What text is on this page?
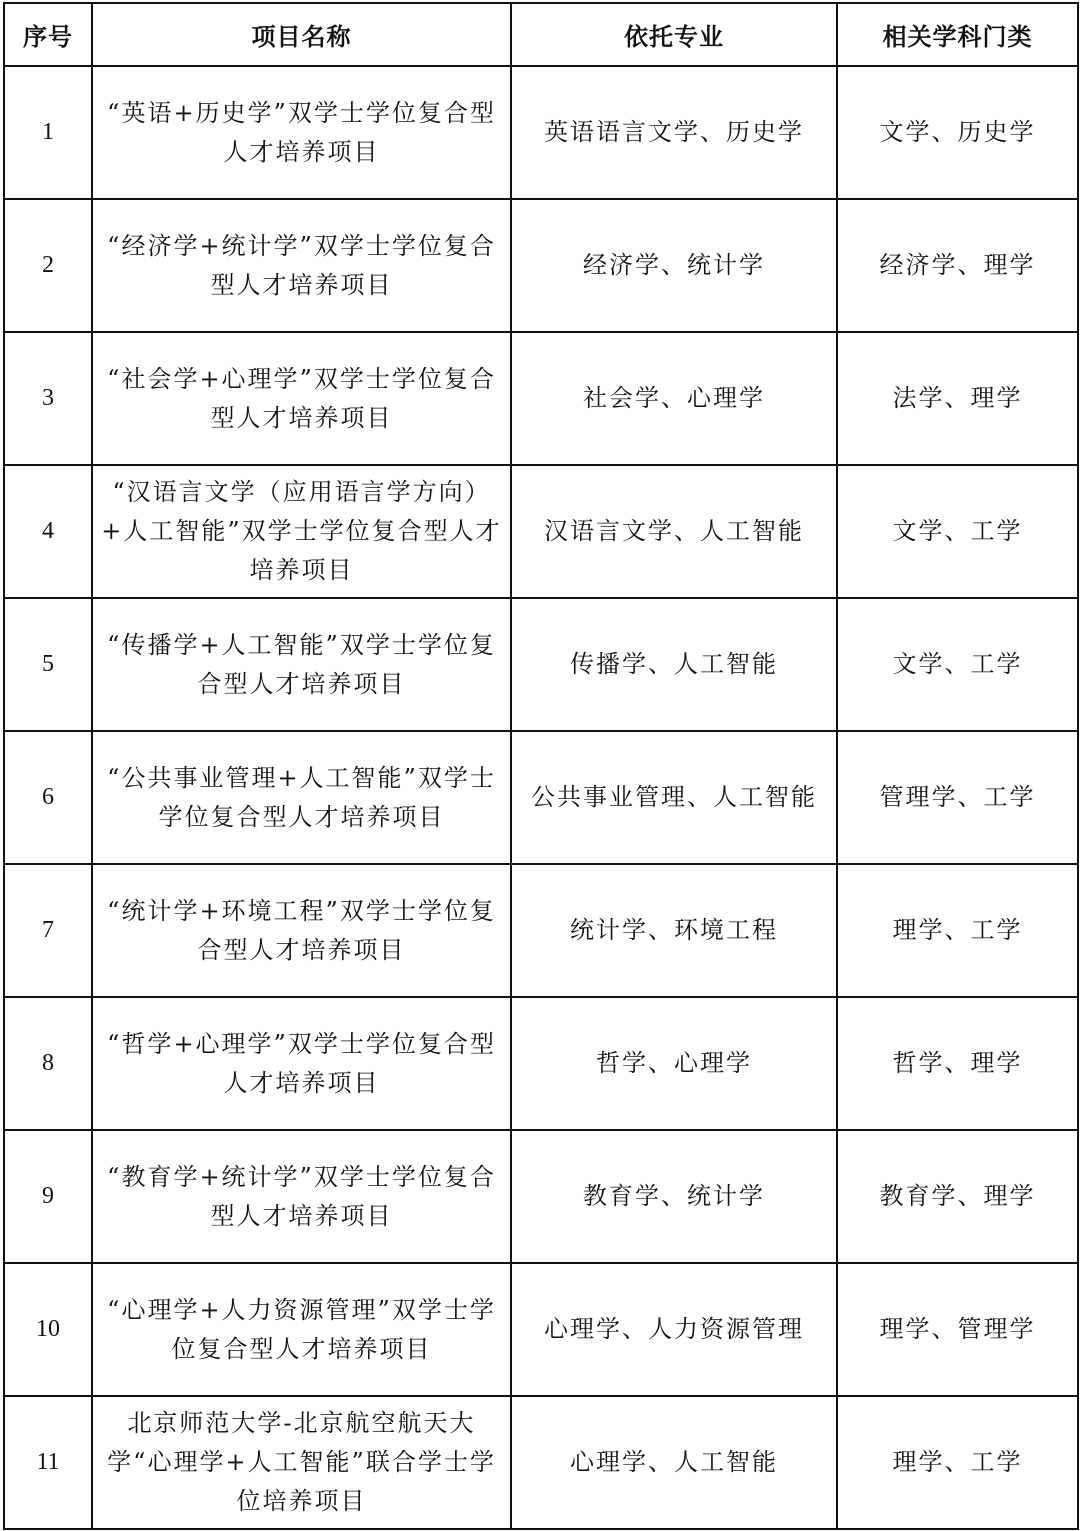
序号	项目名称	依托专业	相关学科门类
1	“英语+历史学”双学士学位复合型人才培养项目	英语语言文学、历史学	文学、历史学
2	“经济学+统计学”双学士学位复合型人才培养项目	经济学、统计学	经济学、理学
3	“社会学+心理学”双学士学位复合型人才培养项目	社会学、心理学	法学、理学
4	“汉语言文学（应用语言学方向）+人工智能”双学士学位复合型人才培养项目	汉语言文学、人工智能	文学、工学
5	“传播学+人工智能”双学士学位复合型人才培养项目	传播学、人工智能	文学、工学
6	“公共事业管理+人工智能”双学士学位复合型人才培养项目	公共事业管理、人工智能	管理学、工学
7	“统计学+环境工程”双学士学位复合型人才培养项目	统计学、环境工程	理学、工学
8	“哲学+心理学”双学士学位复合型人才培养项目	哲学、心理学	哲学、理学
9	“教育学+统计学”双学士学位复合型人才培养项目	教育学、统计学	教育学、理学
10	“心理学+人力资源管理”双学士学位复合型人才培养项目	心理学、人力资源管理	理学、管理学
11	北京师范大学-北京航空航天大学“心理学+人工智能”联合学士学位培养项目	心理学、人工智能	理学、工学
